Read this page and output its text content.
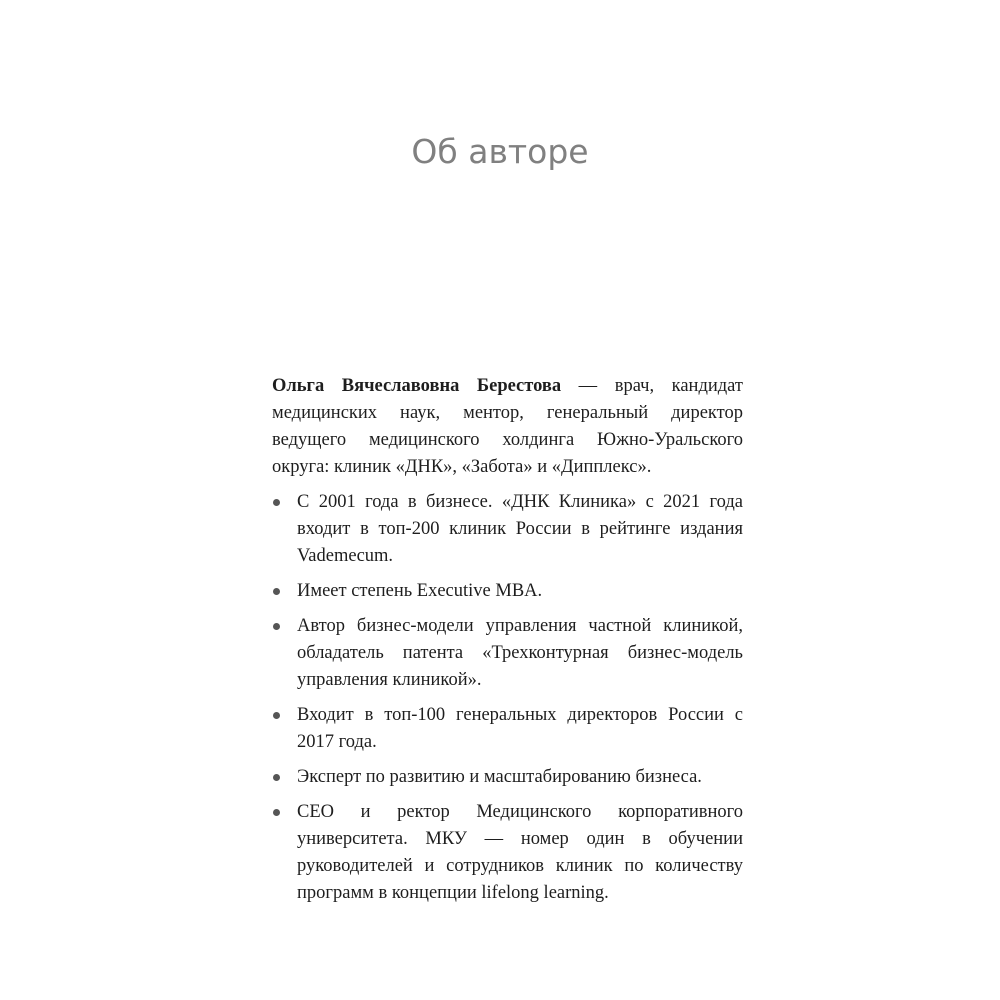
Об авторе

Ольга Вячеславовна Берестова — врач, кандидат медицинских наук, ментор, генеральный директор ведущего медицинского холдинга Южно-Уральского округа: клиник «ДНК», «Забота» и «Дипплекс».

С 2001 года в бизнесе. «ДНК Клиника» с 2021 года входит в топ-200 клиник России в рейтинге издания Vademecum.
Имеет степень Executive MBA.
Автор бизнес-модели управления частной клиникой, обладатель патента «Трехконтурная бизнес-модель управления клиникой».
Входит в топ-100 генеральных директоров России с 2017 года.
Эксперт по развитию и масштабированию бизнеса.
CEO и ректор Медицинского корпоративного университета. МКУ — номер один в обучении руководителей и сотрудников клиник по количеству программ в концепции lifelong learning.
